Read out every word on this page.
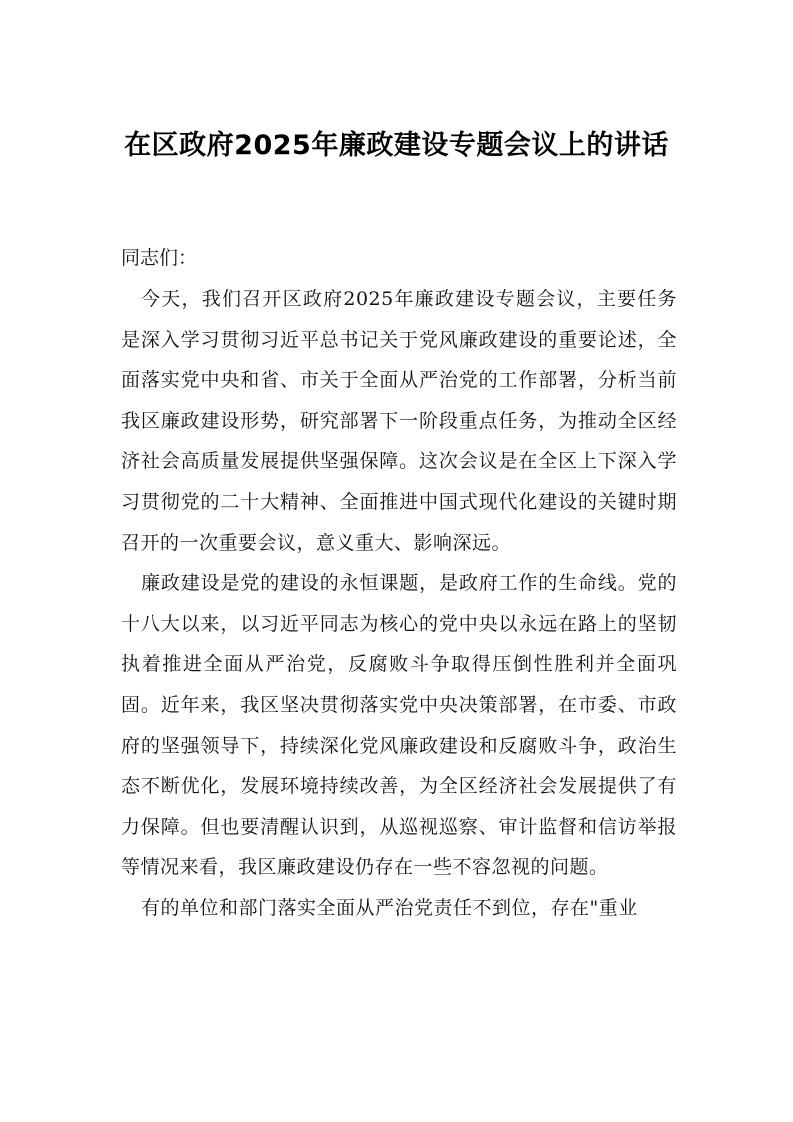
在区政府2025年廉政建设专题会议上的讲话

同志们：

今天，我们召开区政府2025年廉政建设专题会议，主要任务是深入学习贯彻习近平总书记关于党风廉政建设的重要论述，全面落实党中央和省、市关于全面从严治党的工作部署，分析当前我区廉政建设形势，研究部署下一阶段重点任务，为推动全区经济社会高质量发展提供坚强保障。这次会议是在全区上下深入学习贯彻党的二十大精神、全面推进中国式现代化建设的关键时期召开的一次重要会议，意义重大、影响深远。

廉政建设是党的建设的永恒课题，是政府工作的生命线。党的十八大以来，以习近平同志为核心的党中央以永远在路上的坚韧执着推进全面从严治党，反腐败斗争取得压倒性胜利并全面巩固。近年来，我区坚决贯彻落实党中央决策部署，在市委、市政府的坚强领导下，持续深化党风廉政建设和反腐败斗争，政治生态不断优化，发展环境持续改善，为全区经济社会发展提供了有力保障。但也要清醒认识到，从巡视巡察、审计监督和信访举报等情况来看，我区廉政建设仍存在一些不容忽视的问题。

有的单位和部门落实全面从严治党责任不到位，存在"重业
